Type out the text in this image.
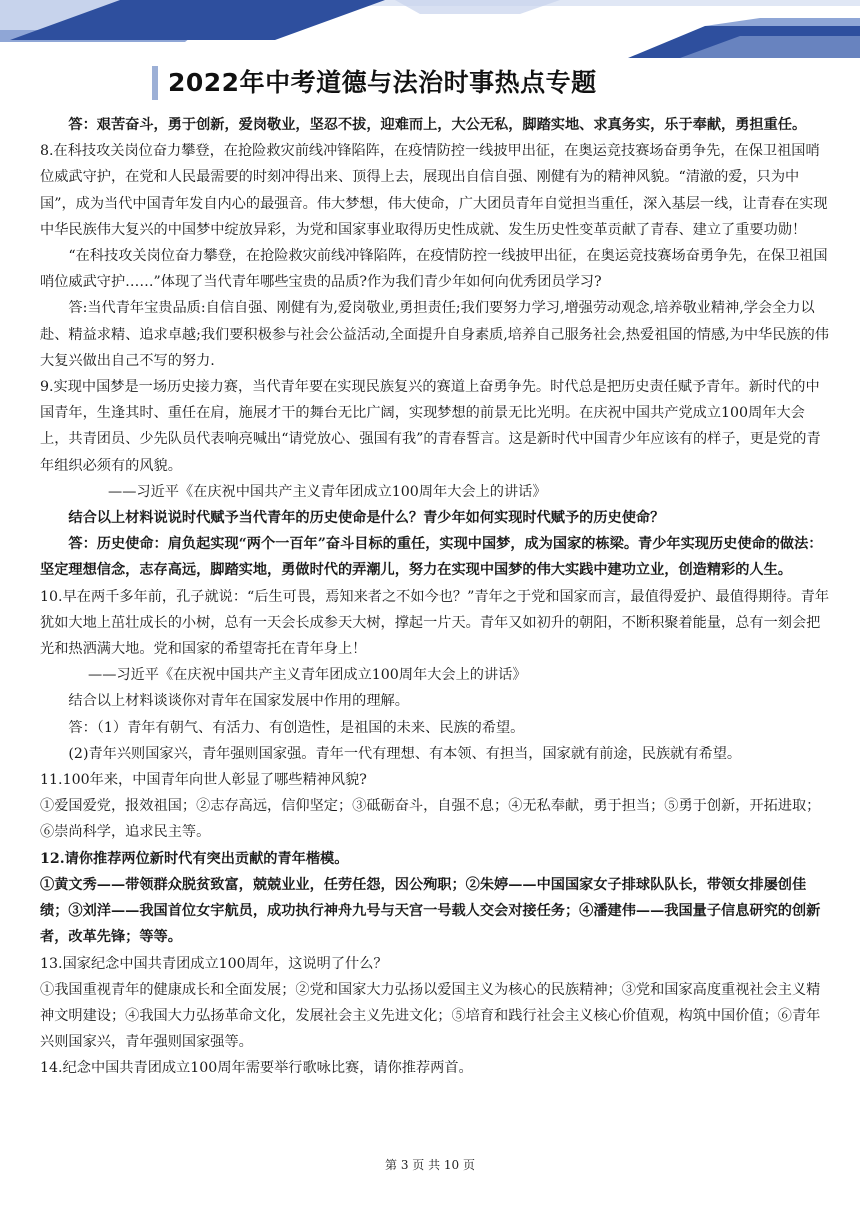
2022年中考道德与法治时事热点专题

答：艰苦奋斗，勇于创新，爱岗敬业，坚忍不拔，迎难而上，大公无私，脚踏实地、求真务实，乐于奉献，勇担重任。

8.在科技攻关岗位奋力攀登，在抢险救灾前线冲锋陷阵，在疫情防控一线披甲出征，在奥运竞技赛场奋勇争先，在保卫祖国哨位威武守护，在党和人民最需要的时刻冲得出来、顶得上去，展现出自信自强、刚健有为的精神风貌。“清澈的爱，只为中国”，成为当代中国青年发自内心的最强音。伟大梦想，伟大使命，广大团员青年自觉担当重任，深入基层一线，让青春在实现中华民族伟大复兴的中国梦中绽放异彩，为党和国家事业取得历史性成就、发生历史性变革贡献了青春、建立了重要功勋！

“在科技攻关岗位奋力攀登，在抢险救灾前线冲锋陷阵，在疫情防控一线披甲出征，在奥运竞技赛场奋勇争先，在保卫祖国哨位威武守护……”体现了当代青年哪些宝贵的品质?作为我们青少年如何向优秀团员学习?

答:当代青年宝贵品质:自信自强、刚健有为,爱岗敬业,勇担责任;我们要努力学习,增强劳动观念,培养敬业精神,学会全力以赴、精益求精、追求卓越;我们要积极参与社会公益活动,全面提升自身素质,培养自己服务社会,热爱祖国的情感,为中华民族的伟大复兴做出自己不写的努力.

9.实现中国梦是一场历史接力赛，当代青年要在实现民族复兴的赛道上奋勇争先。时代总是把历史责任赋予青年。新时代的中国青年，生逢其时、重任在肩，施展才干的舞台无比广阔，实现梦想的前景无比光明。在庆祝中国共产党成立100周年大会上，共青团员、少先队员代表响亮喊出“请党放心、强国有我”的青春誓言。这是新时代中国青少年应该有的样子，更是党的青年组织必须有的风貌。

——习近平《在庆祝中国共产主义青年团成立100周年大会上的讲话》

结合以上材料说说时代赋予当代青年的历史使命是什么？青少年如何实现时代赋予的历史使命？

答：历史使命：肩负起实现“两个一百年”奋斗目标的重任，实现中国梦，成为国家的栋梁。青少年实现历史使命的做法：坚定理想信念，志存高远，脚踏实地，勇做时代的弄潮儿，努力在实现中国梦的伟大实践中建功立业，创造精彩的人生。

10.早在两千多年前，孔子就说：“后生可畏，焉知来者之不如今也？”青年之于党和国家而言，最值得爱护、最值得期待。青年犹如大地上茁壮成长的小树，总有一天会长成参天大树，撑起一片天。青年又如初升的朝阳，不断积聚着能量，总有一刻会把光和热洒满大地。党和国家的希望寄托在青年身上！

——习近平《在庆祝中国共产主义青年团成立100周年大会上的讲话》

结合以上材料谈谈你对青年在国家发展中作用的理解。

答：（1）青年有朝气、有活力、有创造性，是祖国的未来、民族的希望。

(2)青年兴则国家兴，青年强则国家强。青年一代有理想、有本领、有担当，国家就有前途，民族就有希望。

11.100年来，中国青年向世人彰显了哪些精神风貌?

①爱国爱党，报效祖国；②志存高远，信仰坚定；③砥砺奋斗，自强不息；④无私奉献，勇于担当；⑤勇于创新，开拓进取；⑥崇尚科学，追求民主等。

12.请你推荐两位新时代有突出贡献的青年楷模。

①黄文秀——带领群众脱贫致富，兢兢业业，任劳任怨，因公殉职；②朱婷——中国国家女子排球队队长，带领女排屡创佳绩；③刘洋——我国首位女宇航员，成功执行神舟九号与天宫一号载人交会对接任务；④潘建伟——我国量子信息研究的创新者，改革先锋；等等。

13.国家纪念中国共青团成立100周年，这说明了什么？

①我国重视青年的健康成长和全面发展；②党和国家大力弘扬以爱国主义为核心的民族精神；③党和国家高度重视社会主义精神文明建设；④我国大力弘扬革命文化，发展社会主义先进文化；⑤培育和践行社会主义核心价值观，构筑中国价值；⑥青年兴则国家兴，青年强则国家强等。

14.纪念中国共青团成立100周年需要举行歌咏比赛，请你推荐两首。

第 3 页 共 10 页
